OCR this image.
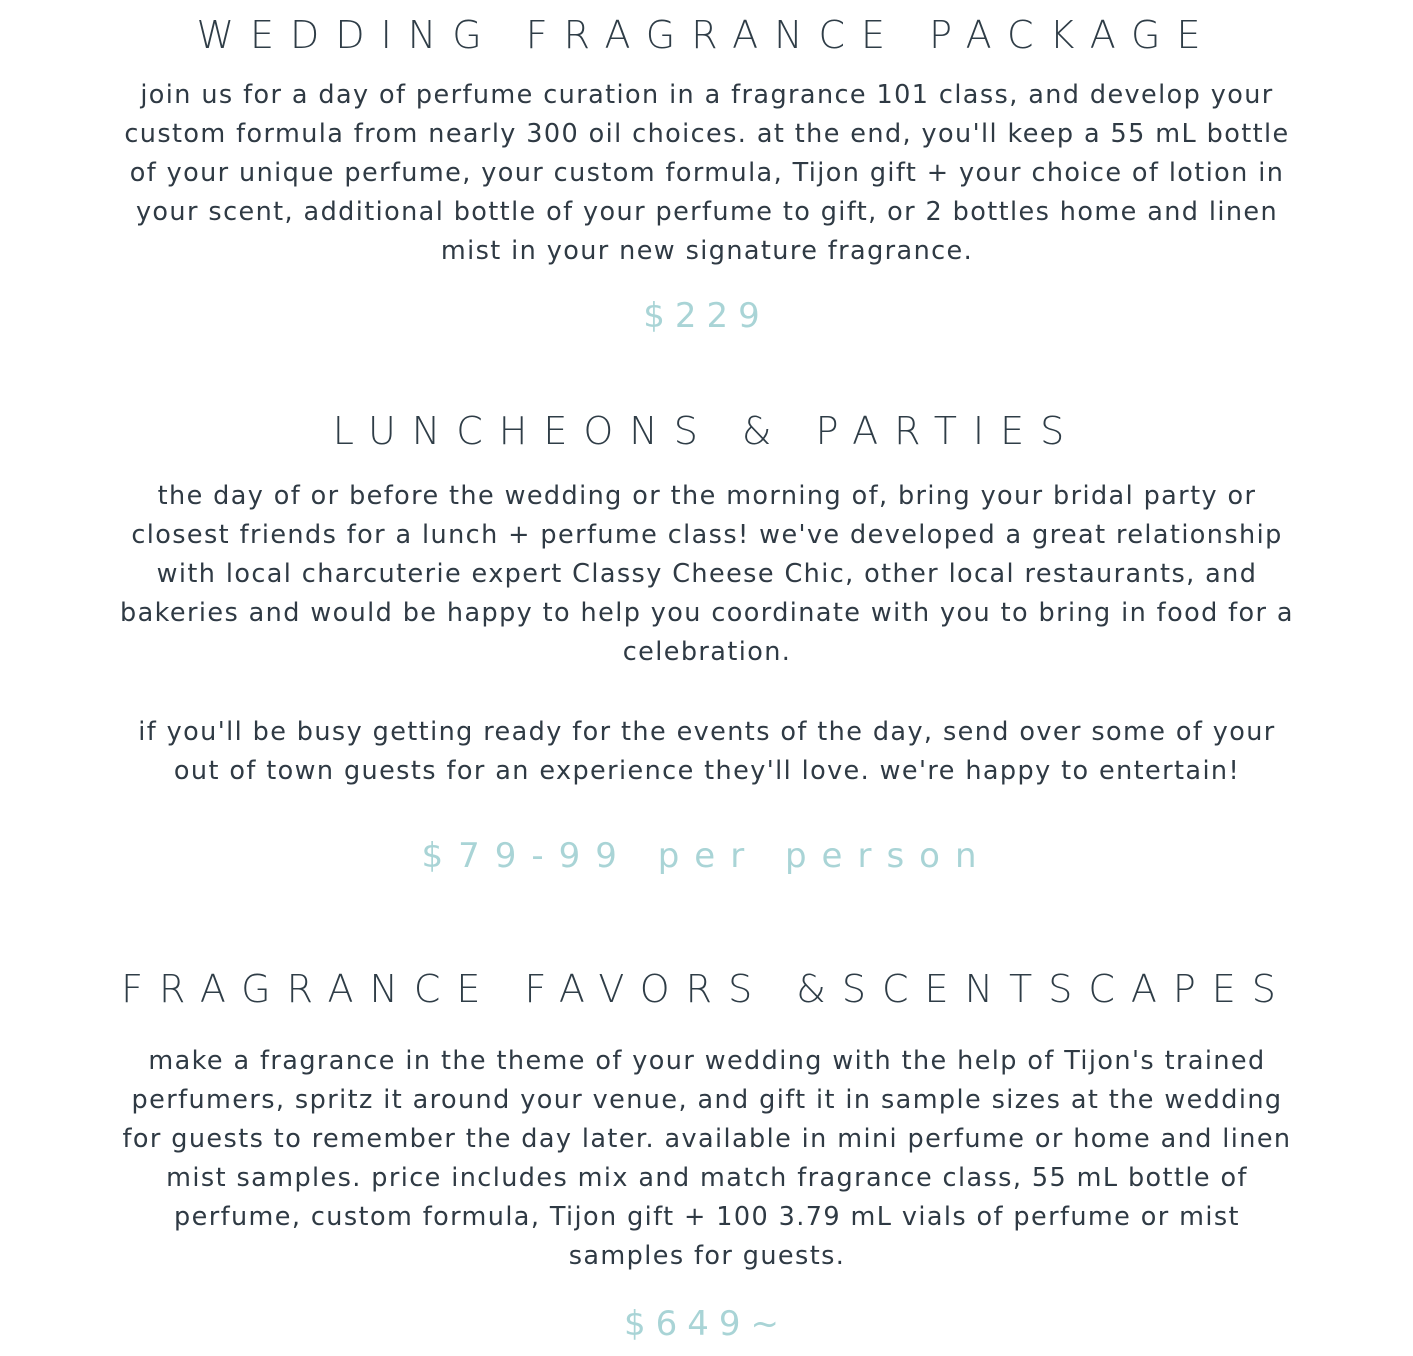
WEDDING FRAGRANCE PACKAGE

join us for a day of perfume curation in a fragrance 101 class, and develop your custom formula from nearly 300 oil choices. at the end, you'll keep a 55 mL bottle of your unique perfume, your custom formula, Tijon gift + your choice of lotion in your scent, additional bottle of your perfume to gift, or 2 bottles home and linen mist in your new signature fragrance.

$229

LUNCHEONS & PARTIES

the day of or before the wedding or the morning of, bring your bridal party or closest friends for a lunch + perfume class! we've developed a great relationship with local charcuterie expert Classy Cheese Chic, other local restaurants, and bakeries and would be happy to help you coordinate with you to bring in food for a celebration.

if you'll be busy getting ready for the events of the day, send over some of your out of town guests for an experience they'll love. we're happy to entertain!

$79-99 per person

FRAGRANCE FAVORS &SCENTSCAPES

make a fragrance in the theme of your wedding with the help of Tijon's trained perfumers, spritz it around your venue, and gift it in sample sizes at the wedding for guests to remember the day later. available in mini perfume or home and linen mist samples. price includes mix and match fragrance class, 55 mL bottle of perfume, custom formula, Tijon gift + 100 3.79 mL vials of perfume or mist samples for guests.

$649~
